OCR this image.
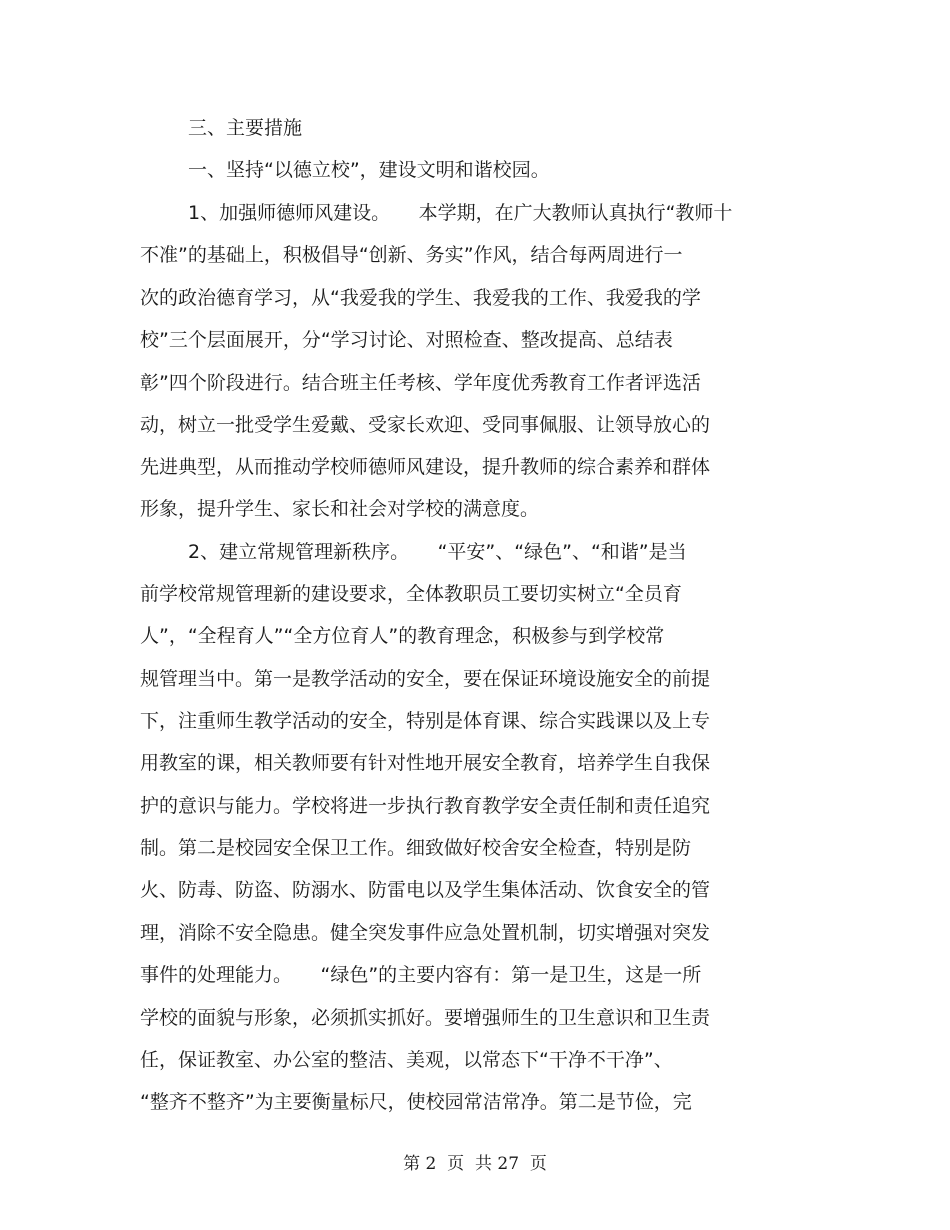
三、主要措施
一、坚持“以德立校”，建设文明和谐校园。
1、加强师德师风建设。　　本学期，在广大教师认真执行“教师十
不准”的基础上，积极倡导“创新、务实”作风，结合每两周进行一
次的政治德育学习，从“我爱我的学生、我爱我的工作、我爱我的学
校”三个层面展开，分“学习讨论、对照检查、整改提高、总结表
彰”四个阶段进行。结合班主任考核、学年度优秀教育工作者评选活
动，树立一批受学生爱戴、受家长欢迎、受同事佩服、让领导放心的
先进典型，从而推动学校师德师风建设，提升教师的综合素养和群体
形象，提升学生、家长和社会对学校的满意度。
2、建立常规管理新秩序。　　“平安”、“绿色”、“和谐”是当
前学校常规管理新的建设要求，全体教职员工要切实树立“全员育
人”，“全程育人”“全方位育人”的教育理念，积极参与到学校常
规管理当中。第一是教学活动的安全，要在保证环境设施安全的前提
下，注重师生教学活动的安全，特别是体育课、综合实践课以及上专
用教室的课，相关教师要有针对性地开展安全教育，培养学生自我保
护的意识与能力。学校将进一步执行教育教学安全责任制和责任追究
制。第二是校园安全保卫工作。细致做好校舍安全检查，特别是防
火、防毒、防盗、防溺水、防雷电以及学生集体活动、饮食安全的管
理，消除不安全隐患。健全突发事件应急处置机制，切实增强对突发
事件的处理能力。　　“绿色”的主要内容有：第一是卫生，这是一所
学校的面貌与形象，必须抓实抓好。要增强师生的卫生意识和卫生责
任，保证教室、办公室的整洁、美观，以常态下“干净不干净”、
“整齐不整齐”为主要衡量标尺，使校园常洁常净。第二是节俭，完
第 2  页  共 27  页
